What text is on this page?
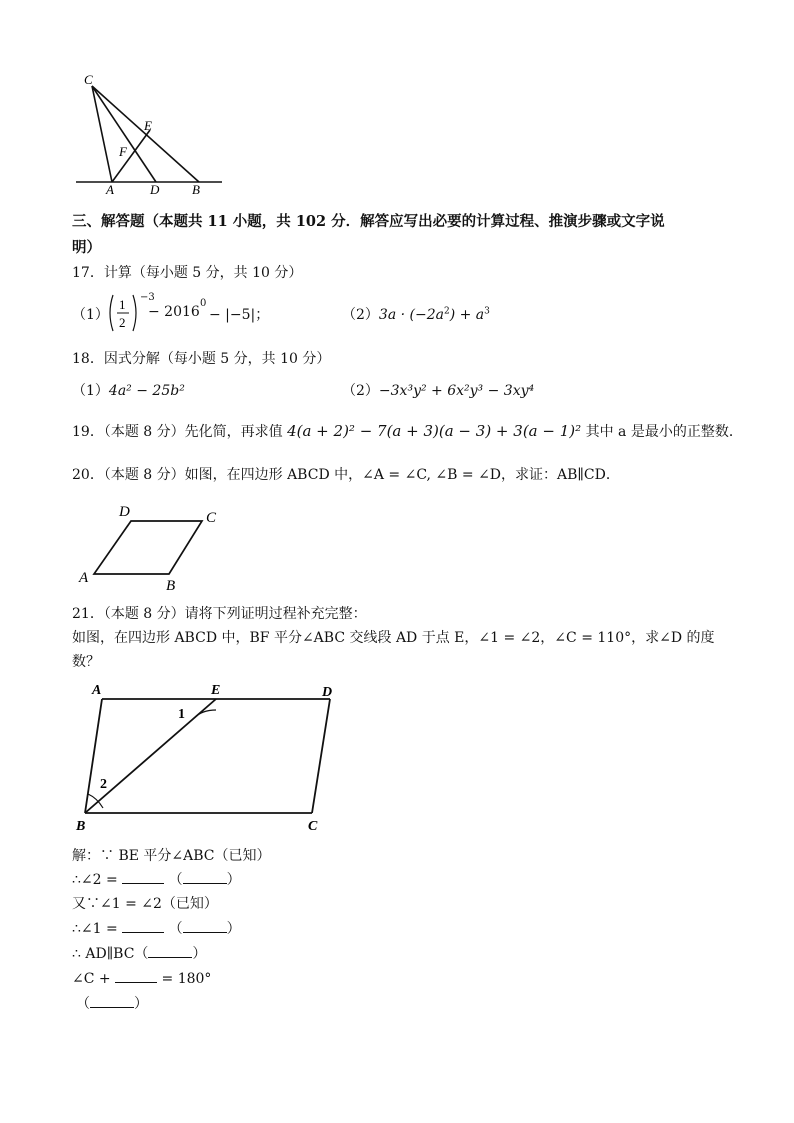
C
E
F
A	D	B
三、解答题（本题共 11 小题，共 102 分．解答应写出必要的计算过程、推演步骤或文字说
明）
17．计算（每小题 5 分，共 10 分）
（1）
1
2
−3
− 2016
0
− |−5|；	$(2)3a \cdot (-2a^2) + a^3$
18．因式分解（每小题 5 分，共 10 分）
（1）4a² − 25b²	（2）−3x³y² + 6x²y³ − 3xy⁴
19．（本题 8 分）先化简，再求值 4(a + 2)² − 7(a + 3)(a − 3) + 3(a − 1)² 其中 a 是最小的正整数．
20．（本题 8 分）如图，在四边形 ABCD 中，∠A = ∠C, ∠B = ∠D，求证：AB∥CD．
D	C
A	B
21．（本题 8 分）请将下列证明过程补充完整：
如图，在四边形 ABCD 中，BF 平分∠ABC 交线段 AD 于点 E，∠1 = ∠2，∠C = 110°，求∠D 的度
数？
A	E	D
B	C
1
2
解：∵ BE 平分∠ABC（已知）
∴∠2 =	（	）
又∵∠1 = ∠2（已知）
∴∠1 =	（	）
∴ AD∥BC（	）
∠C +	= 180°
（	）
